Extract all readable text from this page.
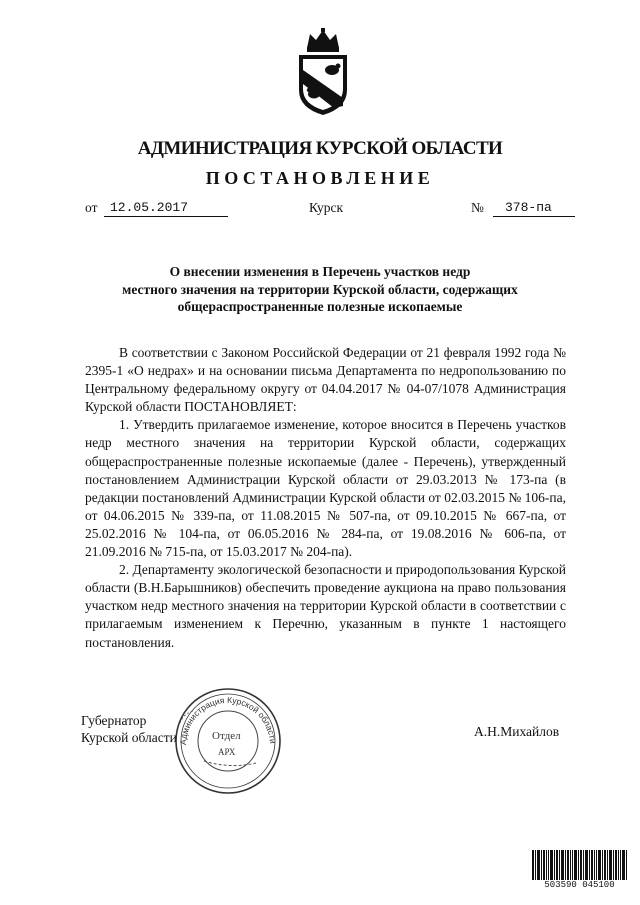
АДМИНИСТРАЦИЯ КУРСКОЙ ОБЛАСТИ
ПОСТАНОВЛЕНИЕ
от 12.05.2017	Курск	№	378-па
О внесении изменения в Перечень участков недр
местного значения на территории Курской области, содержащих
общераспространенные полезные ископаемые

В соответствии с Законом Российской Федерации от 21 февраля 1992 года № 2395-1 «О недрах» и на основании письма Департамента по недропользованию по Центральному федеральному округу от 04.04.2017 № 04-07/1078 Администрация Курской области ПОСТАНОВЛЯЕТ:

1. Утвердить прилагаемое изменение, которое вносится в Перечень участков недр местного значения на территории Курской области, содержащих общераспространенные полезные ископаемые (далее - Перечень), утвержденный постановлением Администрации Курской области от 29.03.2013 № 173-па (в редакции постановлений Администрации Курской области от 02.03.2015 № 106-па, от 04.06.2015 № 339-па, от 11.08.2015 № 507-па, от 09.10.2015 № 667-па, от 25.02.2016 № 104-па, от 06.05.2016 № 284-па, от 19.08.2016 № 606-па, от 21.09.2016 № 715-па, от 15.03.2017 № 204-па).

2. Департаменту экологической безопасности и природопользования Курской области (В.Н.Барышников) обеспечить проведение аукциона на право пользования участком недр местного значения на территории Курской области в соответствии с прилагаемым изменением к Перечню, указанным в пункте 1 настоящего постановления.

Губернатор
Курской области	А.Н.Михайлов
Администрация Курской области
Отдел
АРХ
503590 045100
